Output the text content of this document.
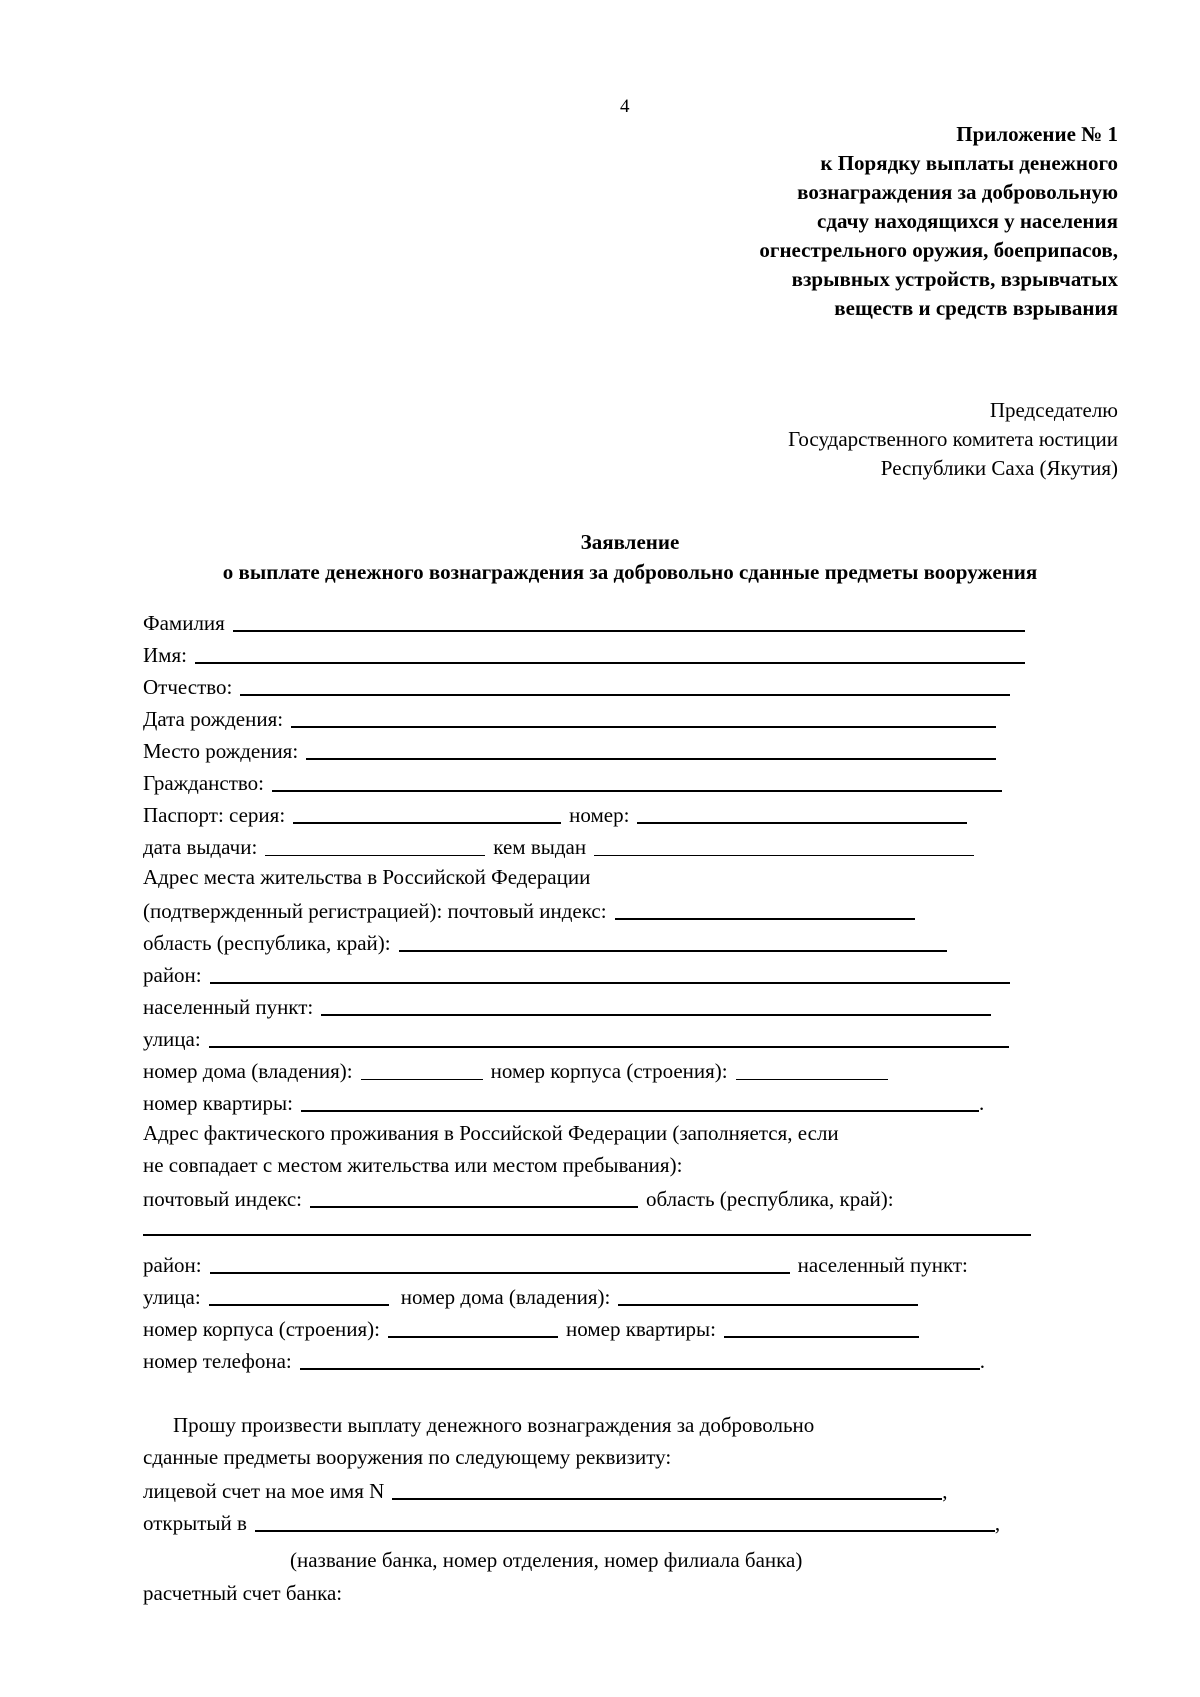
4
Приложение № 1
к Порядку выплаты денежного
вознаграждения за добровольную
сдачу находящихся у населения
огнестрельного оружия, боеприпасов,
взрывных устройств, взрывчатых
веществ и средств взрывания
Председателю
Государственного комитета юстиции
Республики Саха (Якутия)
Заявление
о выплате денежного вознаграждения за добровольно сданные предметы вооружения
Фамилия
Имя:
Отчество:
Дата рождения:
Место рождения:
Гражданство:
Паспорт: серия:	номер:
дата выдачи:	кем выдан
Адрес места жительства в Российской Федерации
(подтвержденный регистрацией): почтовый индекс:
область (республика, край):
район:
населенный пункт:
улица:
номер дома (владения):	номер корпуса (строения):
номер квартиры:	.
Адрес фактического проживания в Российской Федерации (заполняется, если
не совпадает с местом жительства или местом пребывания):
почтовый индекс:	область (республика, край):
район:	населенный пункт:
улица:	номер дома (владения):
номер корпуса (строения):	номер квартиры:
номер телефона:	.
Прошу произвести выплату денежного вознаграждения за добровольно
сданные предметы вооружения по следующему реквизиту:
лицевой счет на мое имя N	,
открытый в	,
(название банка, номер отделения, номер филиала банка)
расчетный счет банка:
